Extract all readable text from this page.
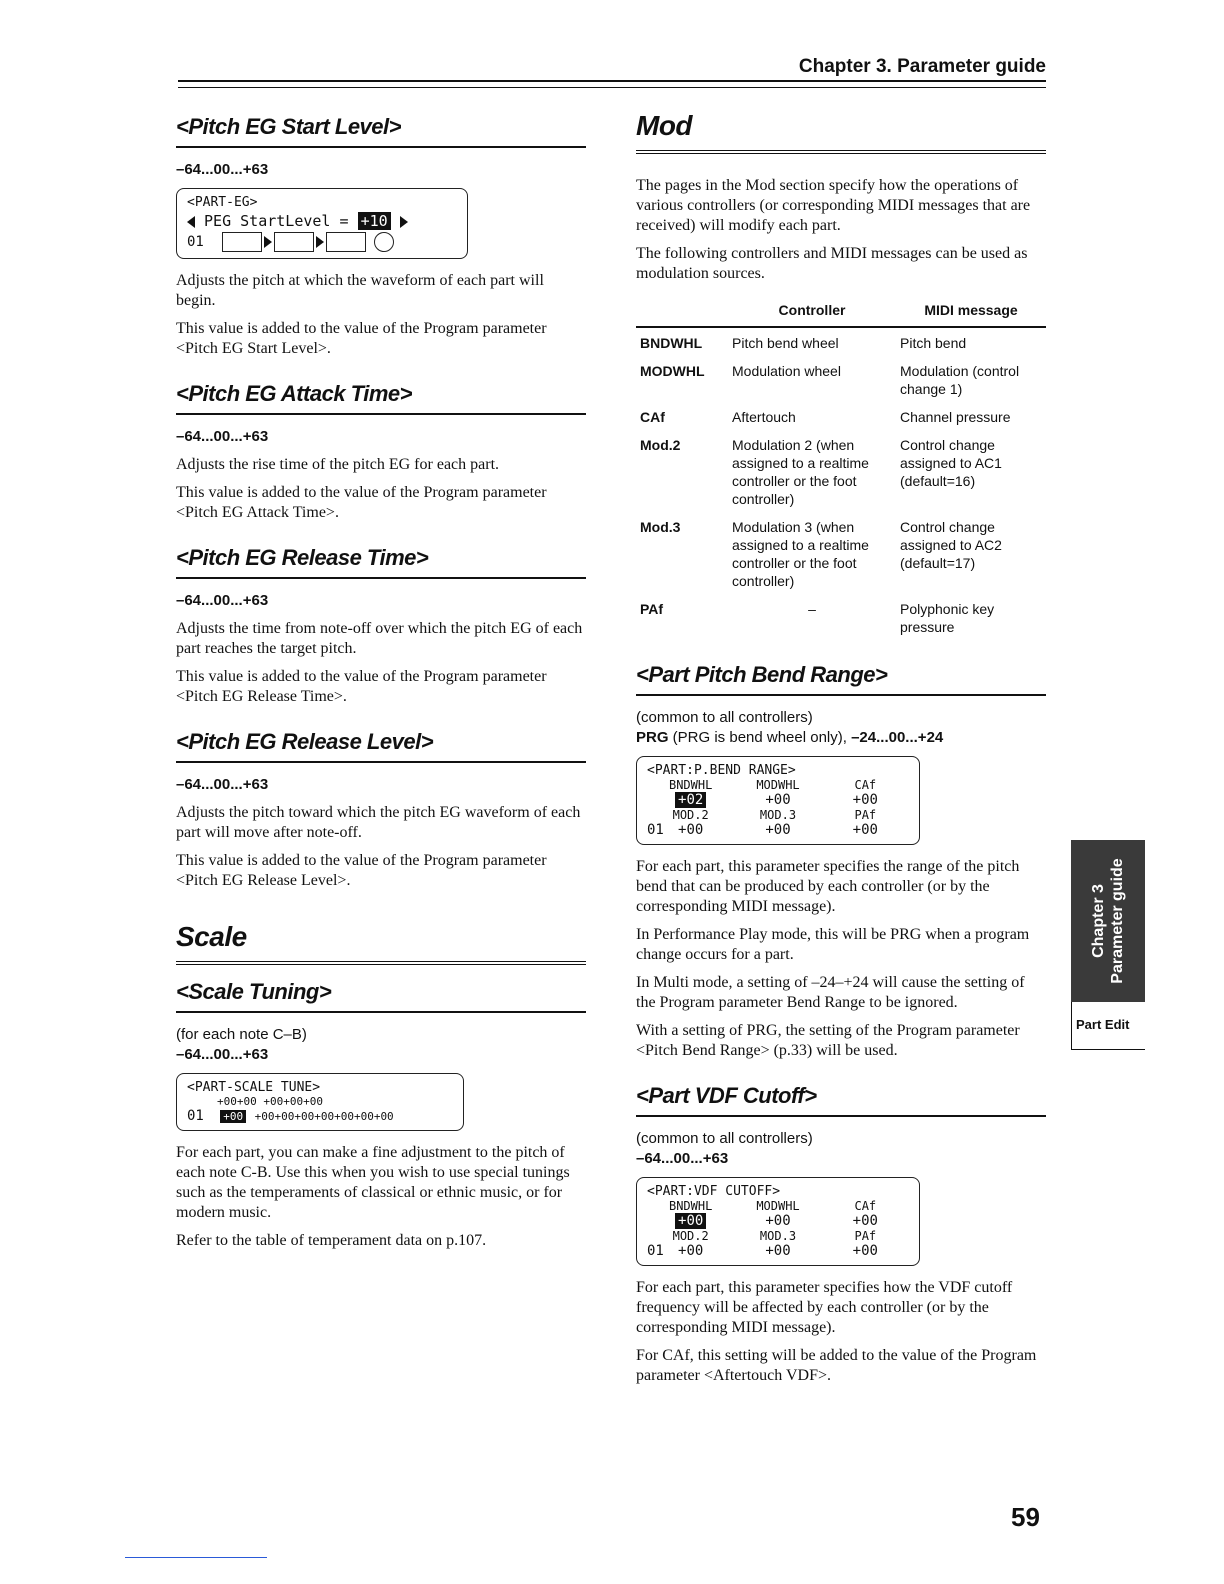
Chapter 3. Parameter guide
<Pitch EG Start Level>
–64...00...+63
<PART-EG>
PEG StartLevel = +10
01

Adjusts the pitch at which the waveform of each part will begin.

This value is added to the value of the Program parameter <Pitch EG Start Level>.

<Pitch EG Attack Time>
–64...00...+63

Adjusts the rise time of the pitch EG for each part.

This value is added to the value of the Program parameter <Pitch EG Attack Time>.

<Pitch EG Release Time>
–64...00...+63

Adjusts the time from note-off over which the pitch EG of each part reaches the target pitch.

This value is added to the value of the Program parameter <Pitch EG Release Time>.

<Pitch EG Release Level>
–64...00...+63

Adjusts the pitch toward which the pitch EG waveform of each part will move after note-off.

This value is added to the value of the Program parameter <Pitch EG Release Level>.

Scale
<Scale Tuning>
(for each note C–B)
–64...00...+63
<PART-SCALE TUNE>
+00+00 +00+00+00
01 +00 +00+00+00+00+00+00+00

For each part, you can make a fine adjustment to the pitch of each note C-B. Use this when you wish to use special tunings such as the temperaments of classical or ethnic music, or for modern music.

Refer to the table of temperament data on p.107.

Mod

The pages in the Mod section specify how the operations of various controllers (or corresponding MIDI messages that are received) will modify each part.

The following controllers and MIDI messages can be used as modulation sources.

	Controller	MIDI message
BNDWHL	Pitch bend wheel	Pitch bend
MODWHL	Modulation wheel	Modulation (control change 1)
CAf	Aftertouch	Channel pressure
Mod.2	Modulation 2 (when assigned to a realtime controller or the foot controller)	Control change assigned to AC1 (default=16)
Mod.3	Modulation 3 (when assigned to a realtime controller or the foot controller)	Control change assigned to AC2 (default=17)
PAf	–	Polyphonic key pressure
<Part Pitch Bend Range>
(common to all controllers)
PRG (PRG is bend wheel only), –24...00...+24
<PART:P.BEND RANGE>
BNDWHL	MODWHL	CAf
+02	+00	+00
MOD.2	MOD.3	PAf
01	+00	+00	+00

For each part, this parameter specifies the range of the pitch bend that can be produced by each controller (or by the corresponding MIDI message).

In Performance Play mode, this will be PRG when a program change occurs for a part.

In Multi mode, a setting of –24–+24 will cause the setting of the Program parameter Bend Range to be ignored.

With a setting of PRG, the setting of the Program parameter <Pitch Bend Range> (p.33) will be used.

<Part VDF Cutoff>
(common to all controllers)
–64...00...+63
<PART:VDF CUTOFF>
BNDWHL	MODWHL	CAf
+00	+00	+00
MOD.2	MOD.3	PAf
01	+00	+00	+00

For each part, this parameter specifies how the VDF cutoff frequency will be affected by each controller (or by the corresponding MIDI message).

For CAf, this setting will be added to the value of the Program parameter <Aftertouch VDF>.

Chapter 3 Parameter guide
Part Edit
59
